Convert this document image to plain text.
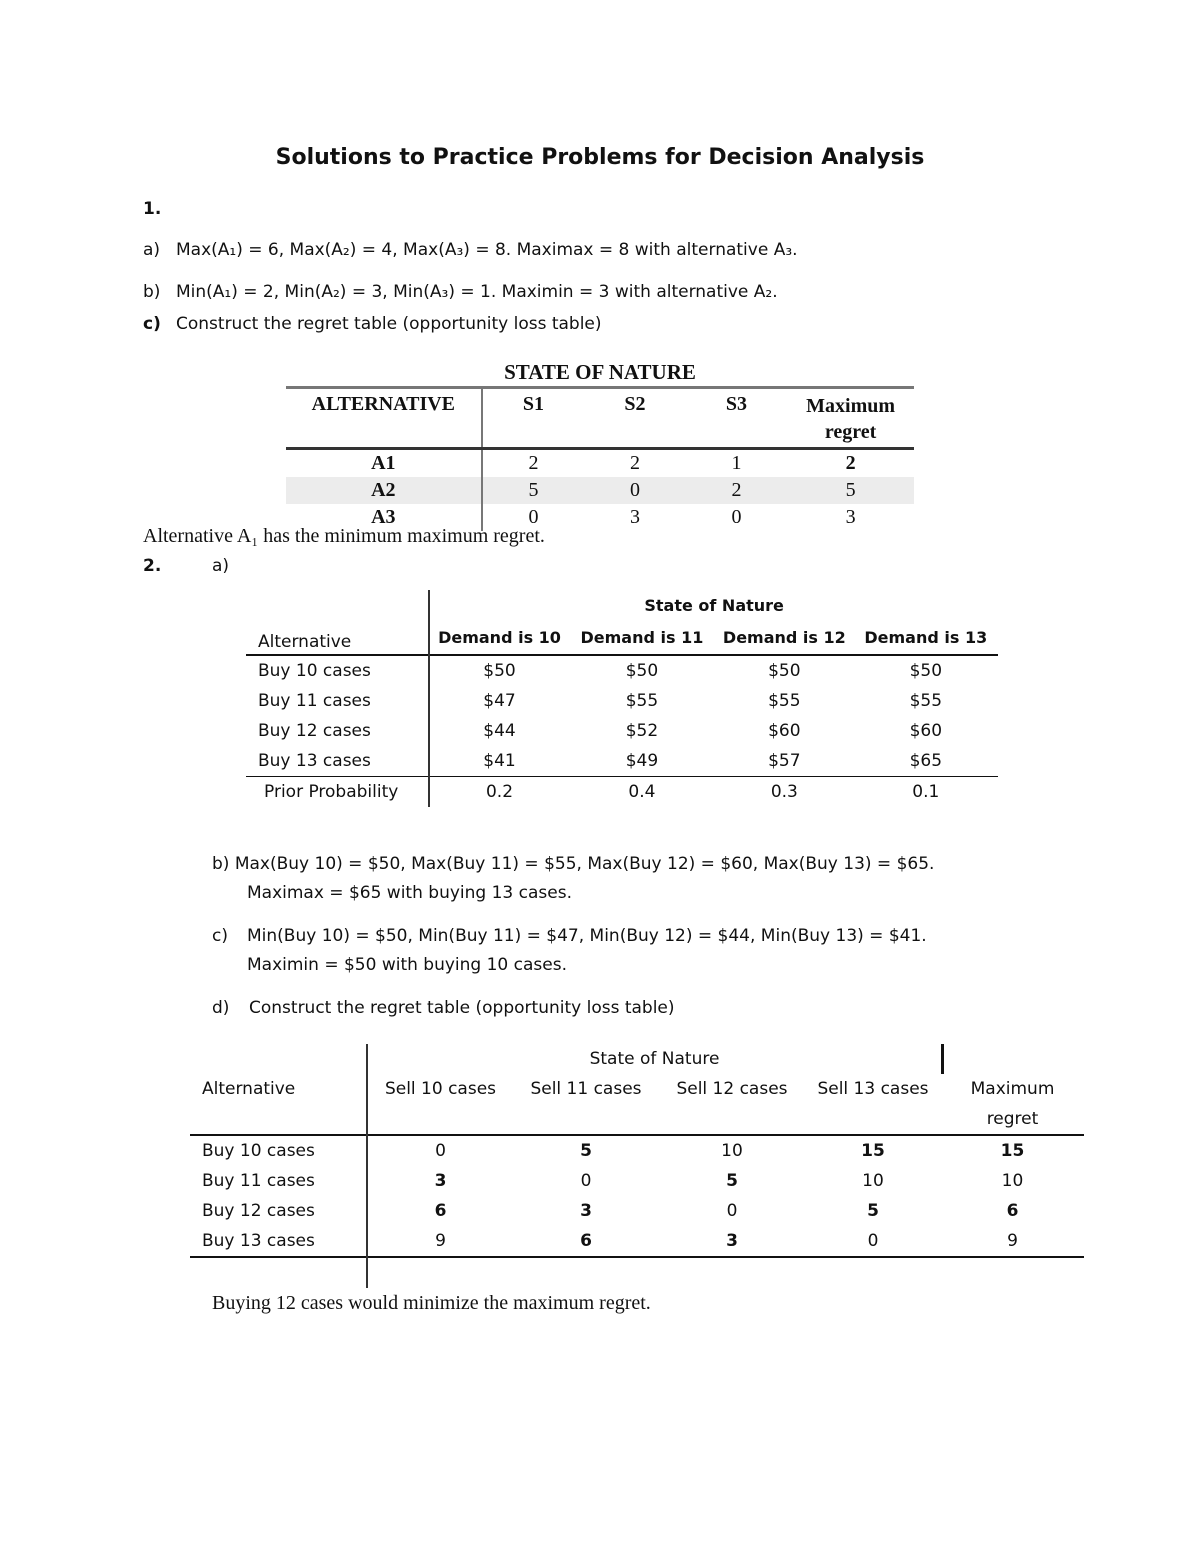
Solutions to Practice Problems for Decision Analysis
1.
a) Max(A₁) = 6, Max(A₂) = 4, Max(A₃) = 8. Maximax = 8 with alternative A₃.
b) Min(A₁) = 2, Min(A₂) = 3, Min(A₃) = 1. Maximin = 3 with alternative A₂.
c) Construct the regret table (opportunity loss table)
STATE OF NATURE
ALTERNATIVE	S1	S2	S3	Maximum regret
A1	2	2	1	2
A2	5	0	2	5
A3	0	3	0	3
Alternative A₁ has the minimum maximum regret.
2.	a)
	State of Nature			
Alternative	Demand is 10	Demand is 11	Demand is 12	Demand is 13
Buy 10 cases	$50	$50	$50	$50
Buy 11 cases	$47	$55	$55	$55
Buy 12 cases	$44	$52	$60	$60
Buy 13 cases	$41	$49	$57	$65
Prior Probability	0.2	0.4	0.3	0.1
b) Max(Buy 10) = $50, Max(Buy 11) = $55, Max(Buy 12) = $60, Max(Buy 13) = $65.
Maximax = $65 with buying 13 cases.
c) Min(Buy 10) = $50, Min(Buy 11) = $47, Min(Buy 12) = $44, Min(Buy 13) = $41.
Maximin = $50 with buying 10 cases.
d) Construct the regret table (opportunity loss table)
	State of Nature				
Alternative	Sell 10 cases	Sell 11 cases	Sell 12 cases	Sell 13 cases	Maximum
					regret
Buy 10 cases	0	5	10	15	15
Buy 11 cases	3	0	5	10	10
Buy 12 cases	6	3	0	5	6
Buy 13 cases	9	6	3	0	9

Buying 12 cases would minimize the maximum regret.
